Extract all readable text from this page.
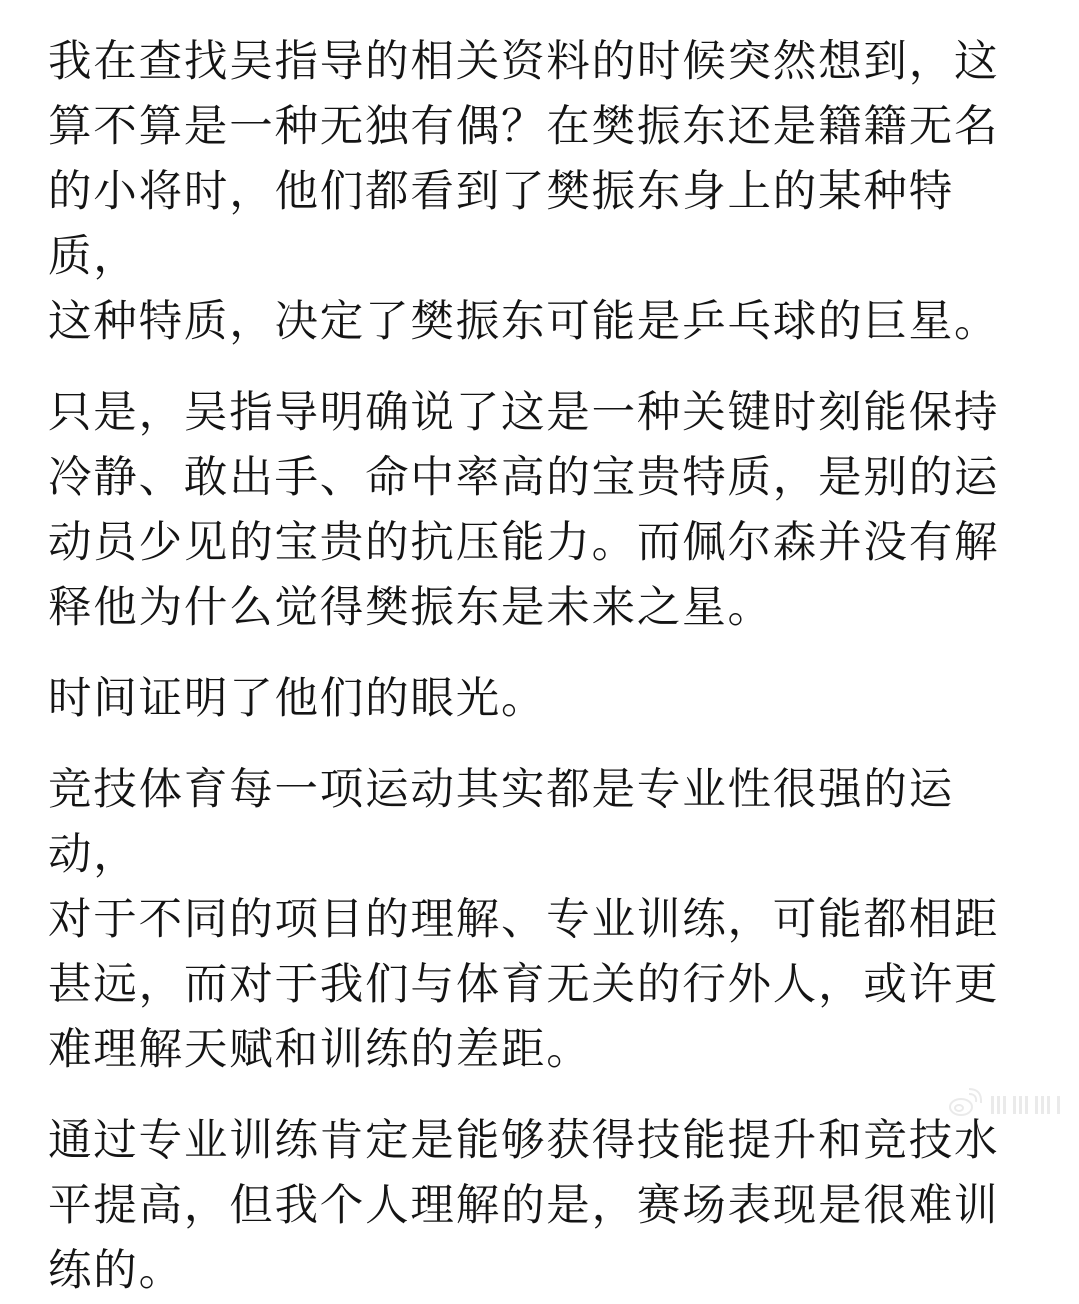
我在查找吴指导的相关资料的时候突然想到，这
算不算是一种无独有偶？在樊振东还是籍籍无名
的小将时，他们都看到了樊振东身上的某种特质，
这种特质，决定了樊振东可能是乒乓球的巨星。

只是，吴指导明确说了这是一种关键时刻能保持
冷静、敢出手、命中率高的宝贵特质，是别的运
动员少见的宝贵的抗压能力。而佩尔森并没有解
释他为什么觉得樊振东是未来之星。

时间证明了他们的眼光。

竞技体育每一项运动其实都是专业性很强的运动，
对于不同的项目的理解、专业训练，可能都相距
甚远，而对于我们与体育无关的行外人，或许更
难理解天赋和训练的差距。

通过专业训练肯定是能够获得技能提升和竞技水
平提高，但我个人理解的是，赛场表现是很难训
练的。
